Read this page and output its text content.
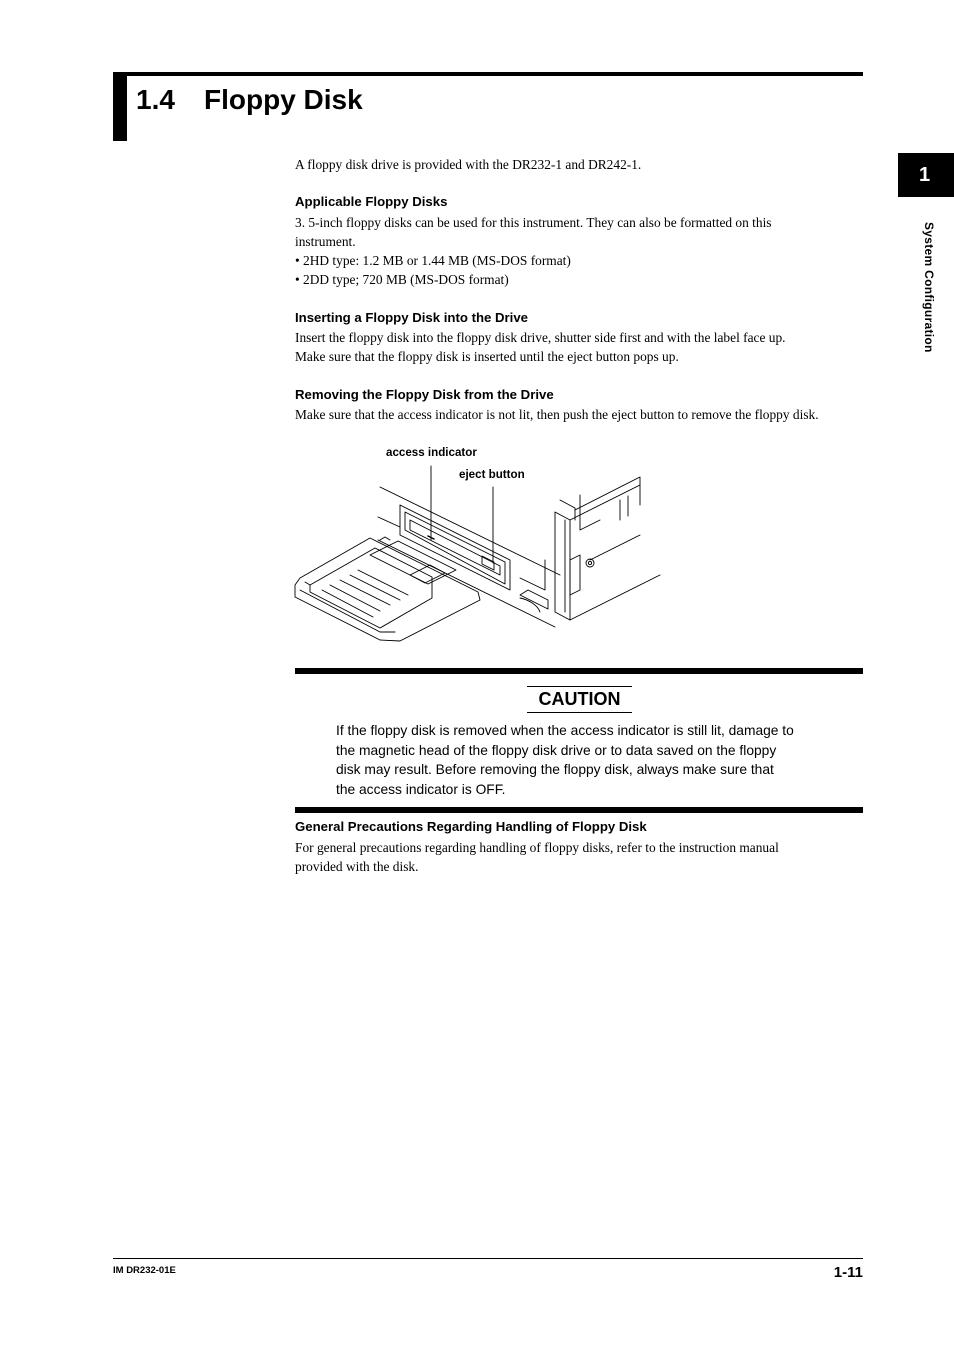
1.4 Floppy Disk
1
System Configuration
A floppy disk drive is provided with the DR232-1 and DR242-1.
Applicable Floppy Disks
3. 5-inch floppy disks can be used for this instrument. They can also be formatted on this
instrument.
• 2HD type: 1.2 MB or 1.44 MB (MS-DOS format)
• 2DD type; 720 MB (MS-DOS format)
Inserting a Floppy Disk into the Drive
Insert the floppy disk into the floppy disk drive, shutter side first and with the label face up.
Make sure that the floppy disk is inserted until the eject button pops up.
Removing the Floppy Disk from the Drive
Make sure that the access indicator is not lit, then push the eject button to remove the floppy disk.
access indicator
eject button
CAUTION
If the floppy disk is removed when the access indicator is still lit, damage to
the magnetic head of the floppy disk drive or to data saved on the floppy
disk may result. Before removing the floppy disk, always make sure that
the access indicator is OFF.
General Precautions Regarding Handling of Floppy Disk
For general precautions regarding handling of floppy disks, refer to the instruction manual
provided with the disk.
IM DR232-01E	1-11
